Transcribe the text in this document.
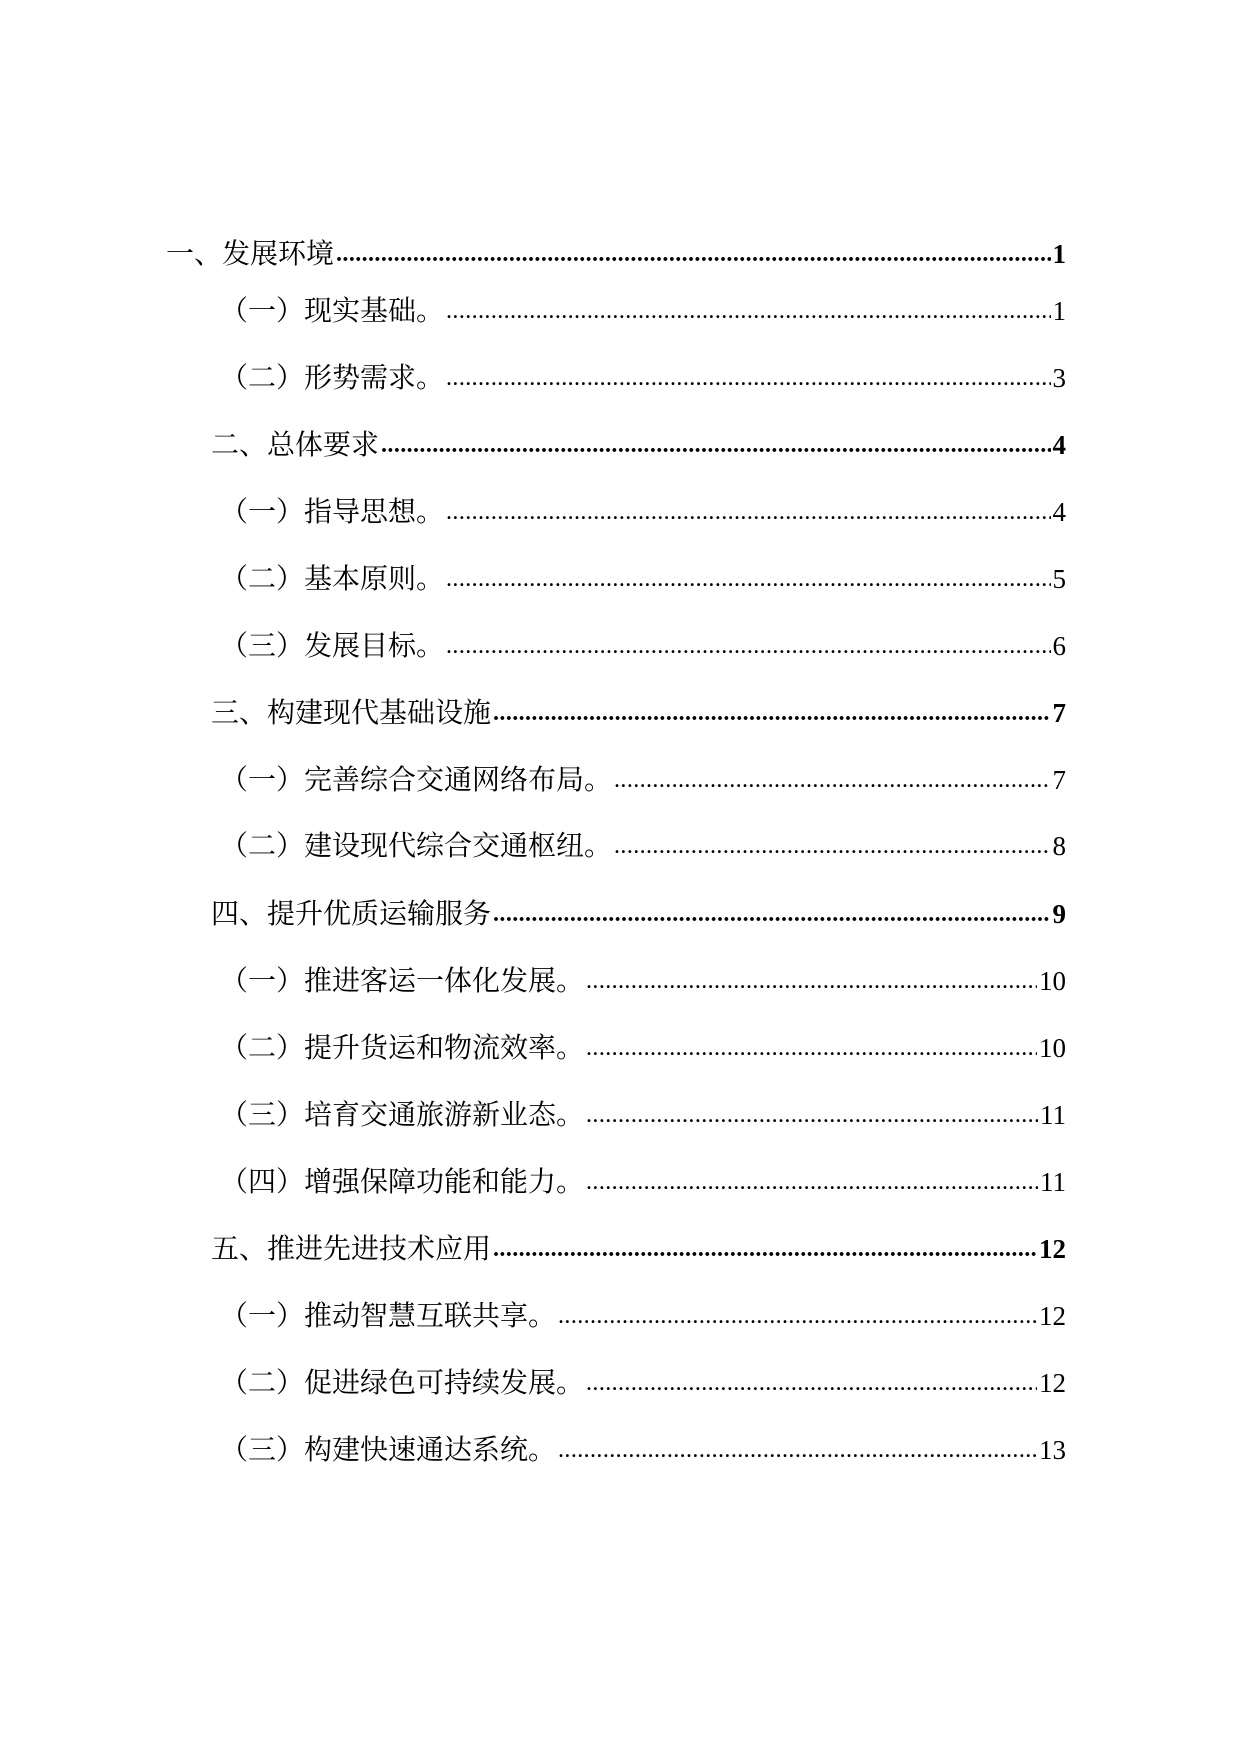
一、发展环境 .....	1
（一）现实基础。 .....	1
（二）形势需求。 .....	3
二、总体要求 .....	4
（一）指导思想。 .....	4
（二）基本原则。 .....	5
（三）发展目标。 .....	6
三、构建现代基础设施 .....	7
（一）完善综合交通网络布局。 .....	7
（二）建设现代综合交通枢纽。 .....	8
四、提升优质运输服务 .....	9
（一）推进客运一体化发展。 .....	10
（二）提升货运和物流效率。 .....	10
（三）培育交通旅游新业态。 .....	11
（四）增强保障功能和能力。 .....	11
五、推进先进技术应用 .....	12
（一）推动智慧互联共享。 .....	12
（二）促进绿色可持续发展。 .....	12
（三）构建快速通达系统。 .....	13
